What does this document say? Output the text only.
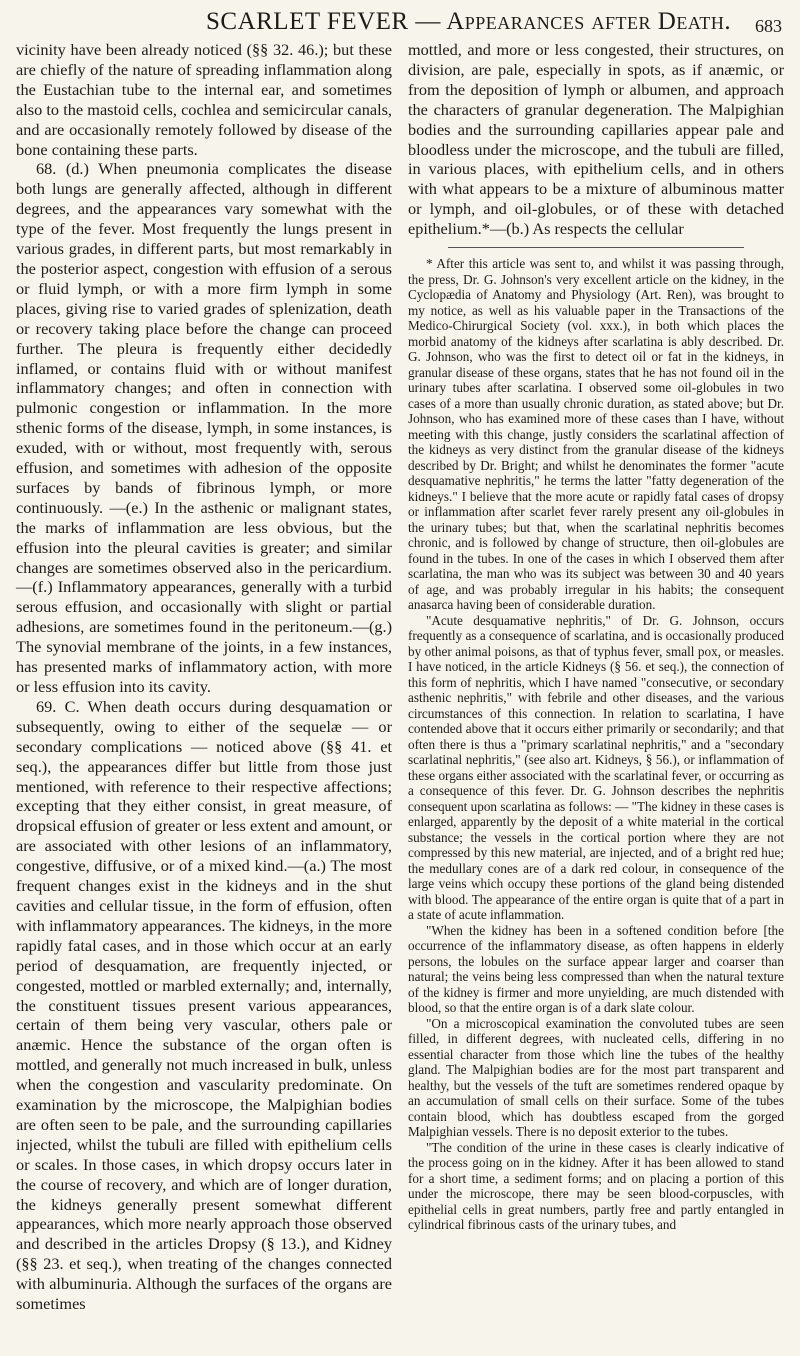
SCARLET FEVER — Appearances after Death. 683

vicinity have been already noticed (§§ 32. 46.); but these are chiefly of the nature of spreading inflammation along the Eustachian tube to the internal ear, and sometimes also to the mastoid cells, cochlea and semicircular canals, and are occasionally remotely followed by disease of the bone containing these parts.

68. (d.) When pneumonia complicates the disease both lungs are generally affected, although in different degrees, and the appearances vary somewhat with the type of the fever. Most frequently the lungs present in various grades, in different parts, but most remarkably in the posterior aspect, congestion with effusion of a serous or fluid lymph, or with a more firm lymph in some places, giving rise to varied grades of splenization, death or recovery taking place before the change can proceed further. The pleura is frequently either decidedly inflamed, or contains fluid with or without manifest inflammatory changes; and often in connection with pulmonic congestion or inflammation. In the more sthenic forms of the disease, lymph, in some instances, is exuded, with or without, most frequently with, serous effusion, and sometimes with adhesion of the opposite surfaces by bands of fibrinous lymph, or more continuously. —(e.) In the asthenic or malignant states, the marks of inflammation are less obvious, but the effusion into the pleural cavities is greater; and similar changes are sometimes observed also in the pericardium.—(f.) Inflammatory appearances, generally with a turbid serous effusion, and occasionally with slight or partial adhesions, are sometimes found in the peritoneum.—(g.) The synovial membrane of the joints, in a few instances, has presented marks of inflammatory action, with more or less effusion into its cavity.

69. C. When death occurs during desquamation or subsequently, owing to either of the sequelæ — or secondary complications — noticed above (§§ 41. et seq.), the appearances differ but little from those just mentioned, with reference to their respective affections; excepting that they either consist, in great measure, of dropsical effusion of greater or less extent and amount, or are associated with other lesions of an inflammatory, congestive, diffusive, or of a mixed kind.—(a.) The most frequent changes exist in the kidneys and in the shut cavities and cellular tissue, in the form of effusion, often with inflammatory appearances. The kidneys, in the more rapidly fatal cases, and in those which occur at an early period of desquamation, are frequently injected, or congested, mottled or marbled externally; and, internally, the constituent tissues present various appearances, certain of them being very vascular, others pale or anæmic. Hence the substance of the organ often is mottled, and generally not much increased in bulk, unless when the congestion and vascularity predominate. On examination by the microscope, the Malpighian bodies are often seen to be pale, and the surrounding capillaries injected, whilst the tubuli are filled with epithelium cells or scales. In those cases, in which dropsy occurs later in the course of recovery, and which are of longer duration, the kidneys generally present somewhat different appearances, which more nearly approach those observed and described in the articles Dropsy (§ 13.), and Kidney (§§ 23. et seq.), when treating of the changes connected with albuminuria. Although the surfaces of the organs are sometimes

mottled, and more or less congested, their structures, on division, are pale, especially in spots, as if anæmic, or from the deposition of lymph or albumen, and approach the characters of granular degeneration. The Malpighian bodies and the surrounding capillaries appear pale and bloodless under the microscope, and the tubuli are filled, in various places, with epithelium cells, and in others with what appears to be a mixture of albuminous matter or lymph, and oil-globules, or of these with detached epithelium.*—(b.) As respects the cellular

* After this article was sent to, and whilst it was passing through, the press, Dr. G. Johnson's very excellent article on the kidney, in the Cyclopædia of Anatomy and Physiology (Art. Ren), was brought to my notice, as well as his valuable paper in the Transactions of the Medico-Chirurgical Society (vol. xxx.), in both which places the morbid anatomy of the kidneys after scarlatina is ably described. Dr. G. Johnson, who was the first to detect oil or fat in the kidneys, in granular disease of these organs, states that he has not found oil in the urinary tubes after scarlatina. I observed some oil-globules in two cases of a more than usually chronic duration, as stated above; but Dr. Johnson, who has examined more of these cases than I have, without meeting with this change, justly considers the scarlatinal affection of the kidneys as very distinct from the granular disease of the kidneys described by Dr. Bright; and whilst he denominates the former "acute desquamative nephritis," he terms the latter "fatty degeneration of the kidneys." I believe that the more acute or rapidly fatal cases of dropsy or inflammation after scarlet fever rarely present any oil-globules in the urinary tubes; but that, when the scarlatinal nephritis becomes chronic, and is followed by change of structure, then oil-globules are found in the tubes. In one of the cases in which I observed them after scarlatina, the man who was its subject was between 30 and 40 years of age, and was probably irregular in his habits; the consequent anasarca having been of considerable duration.

"Acute desquamative nephritis," of Dr. G. Johnson, occurs frequently as a consequence of scarlatina, and is occasionally produced by other animal poisons, as that of typhus fever, small pox, or measles. I have noticed, in the article Kidneys (§ 56. et seq.), the connection of this form of nephritis, which I have named "consecutive, or secondary asthenic nephritis," with febrile and other diseases, and the various circumstances of this connection. In relation to scarlatina, I have contended above that it occurs either primarily or secondarily; and that often there is thus a "primary scarlatinal nephritis," and a "secondary scarlatinal nephritis," (see also art. Kidneys, § 56.), or inflammation of these organs either associated with the scarlatinal fever, or occurring as a consequence of this fever. Dr. G. Johnson describes the nephritis consequent upon scarlatina as follows: — "The kidney in these cases is enlarged, apparently by the deposit of a white material in the cortical substance; the vessels in the cortical portion where they are not compressed by this new material, are injected, and of a bright red hue; the medullary cones are of a dark red colour, in consequence of the large veins which occupy these portions of the gland being distended with blood. The appearance of the entire organ is quite that of a part in a state of acute inflammation.

"When the kidney has been in a softened condition before [the occurrence of the inflammatory disease, as often happens in elderly persons, the lobules on the surface appear larger and coarser than natural; the veins being less compressed than when the natural texture of the kidney is firmer and more unyielding, are much distended with blood, so that the entire organ is of a dark slate colour.

"On a microscopical examination the convoluted tubes are seen filled, in different degrees, with nucleated cells, differing in no essential character from those which line the tubes of the healthy gland. The Malpighian bodies are for the most part transparent and healthy, but the vessels of the tuft are sometimes rendered opaque by an accumulation of small cells on their surface. Some of the tubes contain blood, which has doubtless escaped from the gorged Malpighian vessels. There is no deposit exterior to the tubes.

"The condition of the urine in these cases is clearly indicative of the process going on in the kidney. After it has been allowed to stand for a short time, a sediment forms; and on placing a portion of this under the microscope, there may be seen blood-corpuscles, with epithelial cells in great numbers, partly free and partly entangled in cylindrical fibrinous casts of the urinary tubes, and
